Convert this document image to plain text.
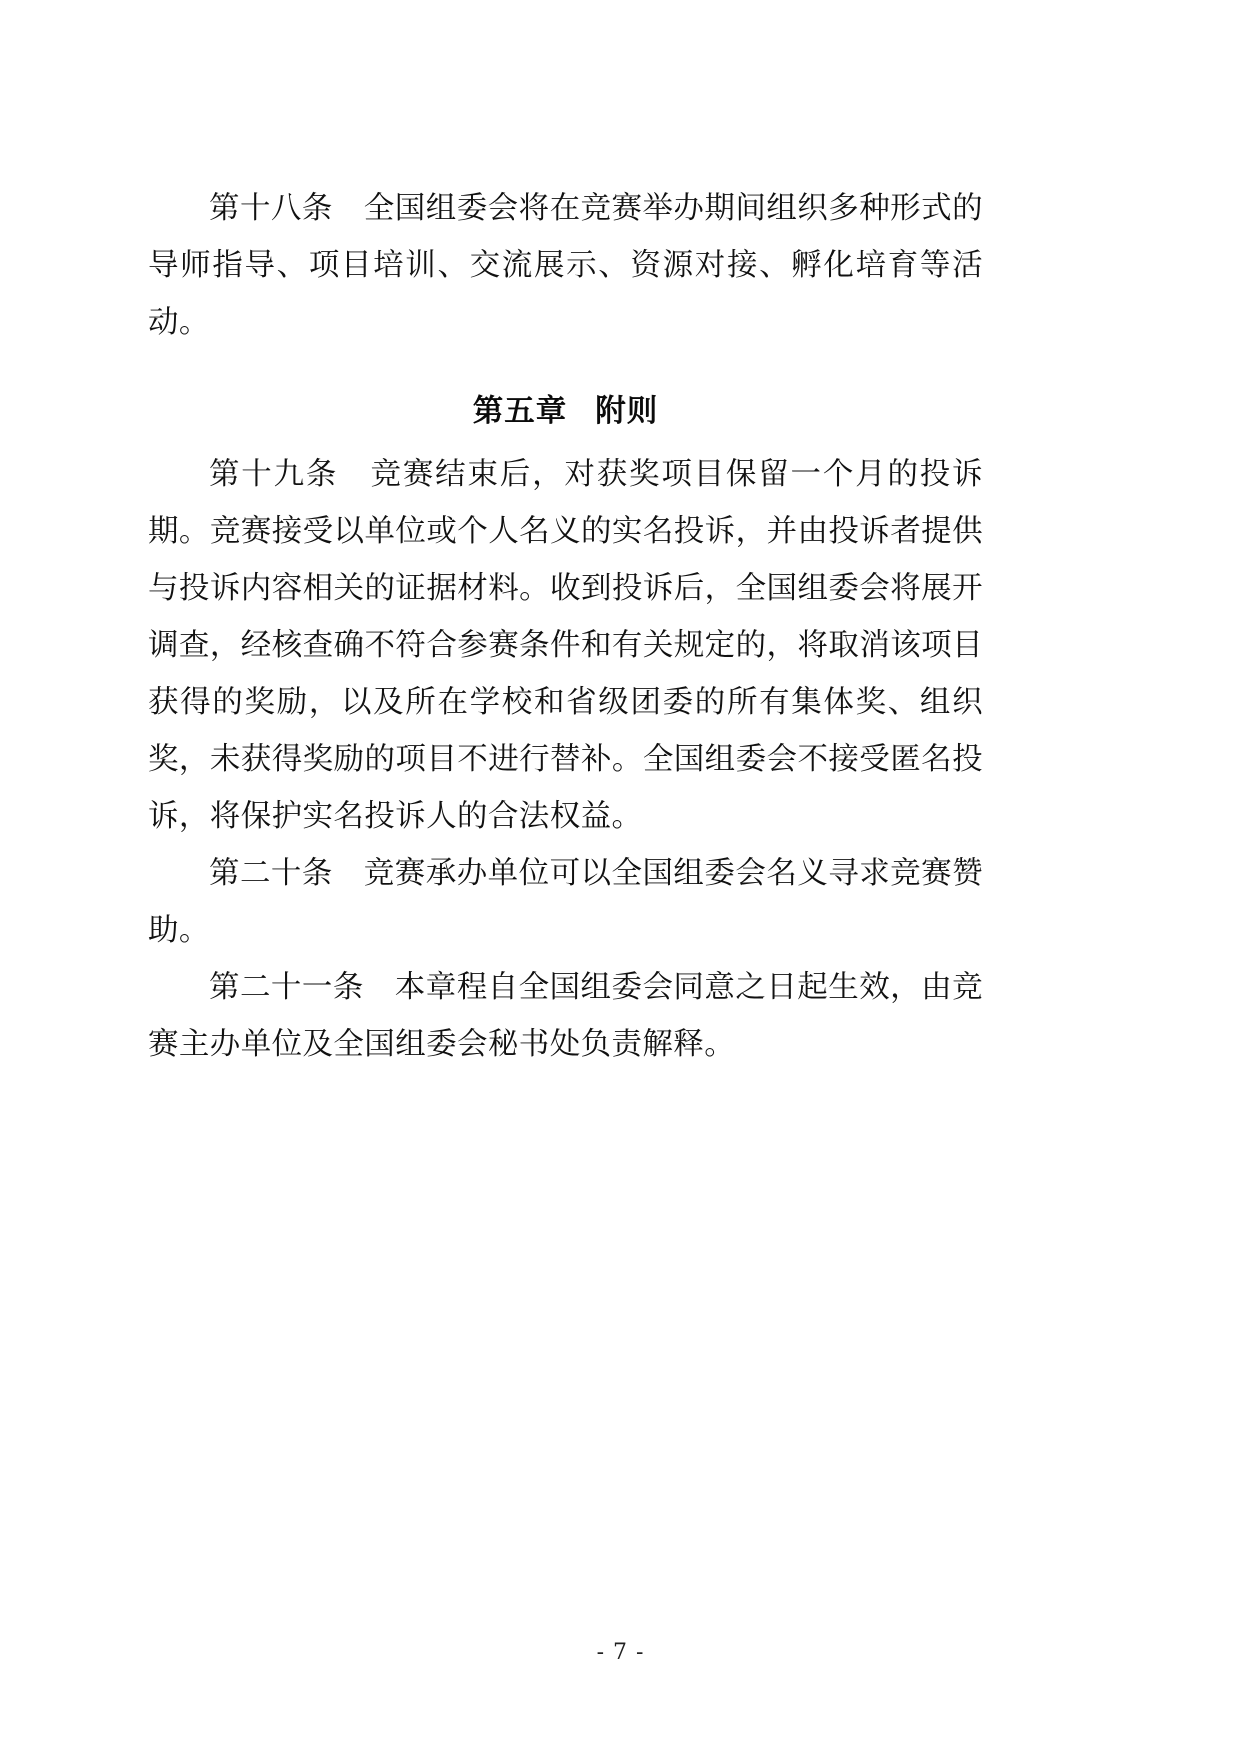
第十八条　全国组委会将在竞赛举办期间组织多种形式的导师指导、项目培训、交流展示、资源对接、孵化培育等活动。

第五章 附则

第十九条　竞赛结束后，对获奖项目保留一个月的投诉期。竞赛接受以单位或个人名义的实名投诉，并由投诉者提供与投诉内容相关的证据材料。收到投诉后，全国组委会将展开调查，经核查确不符合参赛条件和有关规定的，将取消该项目获得的奖励，以及所在学校和省级团委的所有集体奖、组织奖，未获得奖励的项目不进行替补。全国组委会不接受匿名投诉，将保护实名投诉人的合法权益。

第二十条　竞赛承办单位可以全国组委会名义寻求竞赛赞助。

第二十一条　本章程自全国组委会同意之日起生效，由竞赛主办单位及全国组委会秘书处负责解释。

- 7 -
